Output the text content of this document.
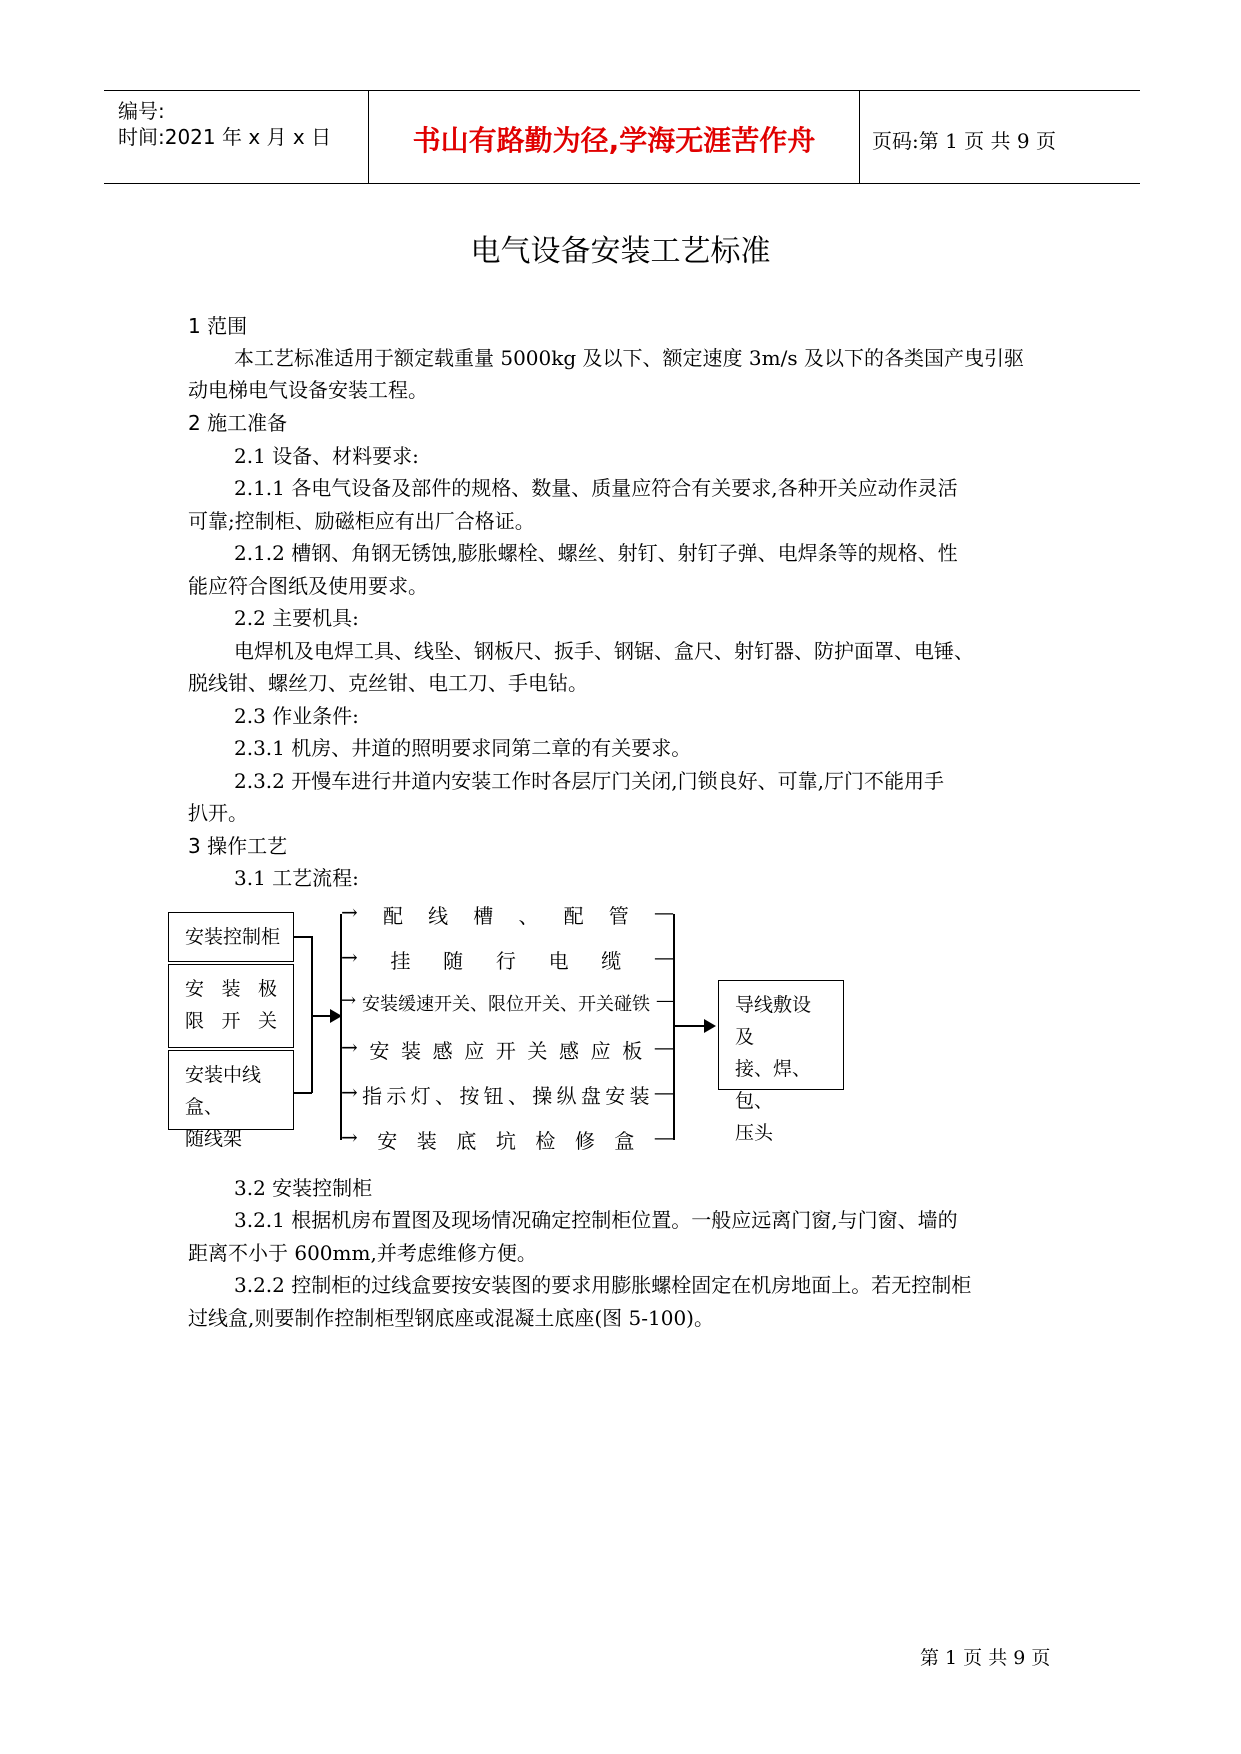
编号:
时间:2021 年 x 月 x 日	书山有路勤为径,学海无涯苦作舟	页码:第 1 页 共 9 页
电气设备安装工艺标准
1 范围
本工艺标准适用于额定载重量 5000kg 及以下、额定速度 3m/s 及以下的各类国产曳引驱
动电梯电气设备安装工程。
2 施工准备
2.1 设备、材料要求:
2.1.1 各电气设备及部件的规格、数量、质量应符合有关要求,各种开关应动作灵活
可靠;控制柜、励磁柜应有出厂合格证。
2.1.2 槽钢、角钢无锈蚀,膨胀螺栓、螺丝、射钉、射钉子弹、电焊条等的规格、性
能应符合图纸及使用要求。
2.2 主要机具:
电焊机及电焊工具、线坠、钢板尺、扳手、钢锯、盒尺、射钉器、防护面罩、电锤、
脱线钳、螺丝刀、克丝钳、电工刀、手电钻。
2.3 作业条件:
2.3.1 机房、井道的照明要求同第二章的有关要求。
2.3.2 开慢车进行井道内安装工作时各层厅门关闭,门锁良好、可靠,厅门不能用手
扒开。
3 操作工艺
3.1 工艺流程:
安装控制柜
安 装 极
限 开 关
安装中线盒、
随线架
→ 配 线 槽 、 配 管 —
→ 挂 随 行 电 缆 —
→ 安装缓速开关、限位开关、开关碰铁 —
→ 安 装 感 应 开 关 感 应 板 —
→ 指 示 灯 、 按 钮 、 操 纵 盘 安 装 —
→ 安 装 底 坑 检 修 盒 —
导线敷设及
接、焊、包、
压头
3.2 安装控制柜
3.2.1 根据机房布置图及现场情况确定控制柜位置。一般应远离门窗,与门窗、墙的
距离不小于 600mm,并考虑维修方便。
3.2.2 控制柜的过线盒要按安装图的要求用膨胀螺栓固定在机房地面上。若无控制柜
过线盒,则要制作控制柜型钢底座或混凝土底座(图 5-100)。
第 1 页 共 9 页
